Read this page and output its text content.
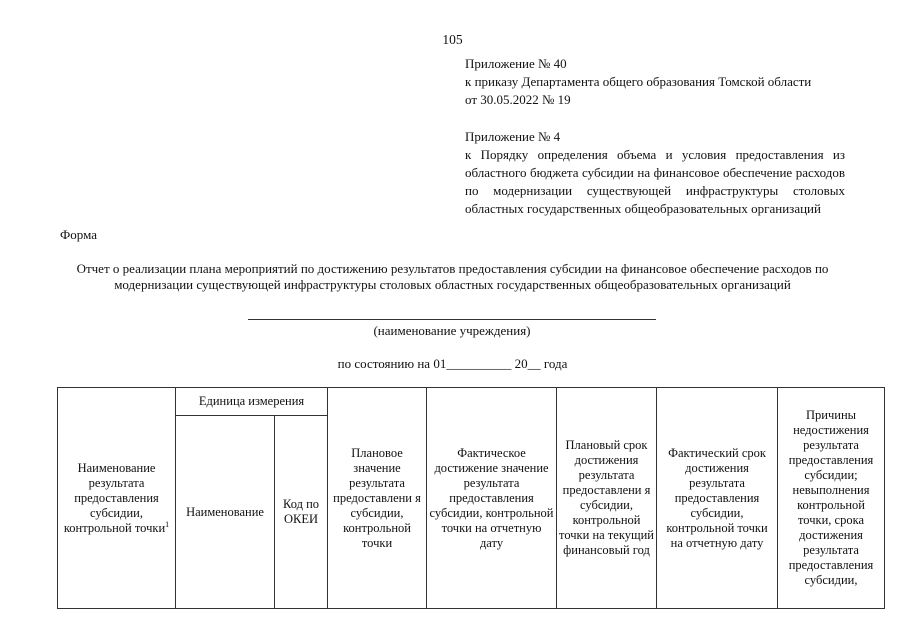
105
Приложение № 40
к приказу Департамента общего образования Томской области
от 30.05.2022 № 19
Приложение № 4
к Порядку определения объема и условия предоставления из областного бюджета субсидии на финансовое обеспечение расходов по модернизации существующей инфраструктуры столовых областных государственных общеобразовательных организаций
Форма
Отчет о реализации плана мероприятий по достижению результатов предоставления субсидии на финансовое обеспечение расходов по модернизации существующей инфраструктуры столовых областных государственных общеобразовательных организаций
(наименование учреждения)
по состоянию на 01__________ 20__ года
Наименование результата предоставления субсидии, контрольной точки$^1$	Единица измерения		Плановое значение результата предоставлени я субсидии, контрольной точки	Фактическое достижение значение результата предоставления субсидии, контрольной точки на отчетную дату	Плановый срок достижения результата предоставлени я субсидии, контрольной точки на текущий финансовый год	Фактический срок достижения результата предоставления субсидии, контрольной точки на отчетную дату	Причины недостижения результата предоставления субсидии; невыполнения контрольной точки, срока достижения результата предоставления субсидии,
	Наименование	Код по ОКЕИ					
